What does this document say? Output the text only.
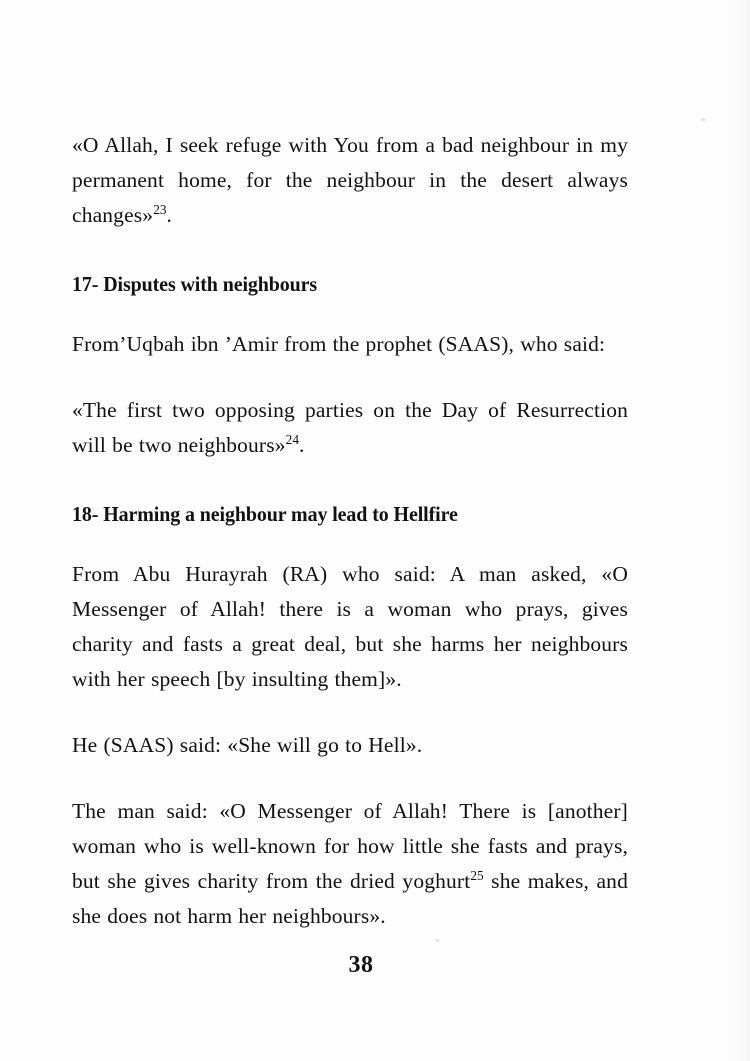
«O Allah, I seek refuge with You from a bad neighbour in my permanent home, for the neighbour in the desert always changes»$^{23}$.

17- Disputes with neighbours

From’Uqbah ibn ’Amir from the prophet (SAAS), who said:

«The first two opposing parties on the Day of Resurrection will be two neighbours»$^{24}$.

18- Harming a neighbour may lead to Hellfire

From Abu Hurayrah (RA) who said: A man asked, «O Messenger of Allah! there is a woman who prays, gives charity and fasts a great deal, but she harms her neighbours with her speech [by insulting them]».

He (SAAS) said: «She will go to Hell».

The man said: «O Messenger of Allah! There is [another] woman who is well-known for how little she fasts and prays, but she gives charity from the dried yoghurt$^{25}$ she makes, and she does not harm her neighbours».

38
